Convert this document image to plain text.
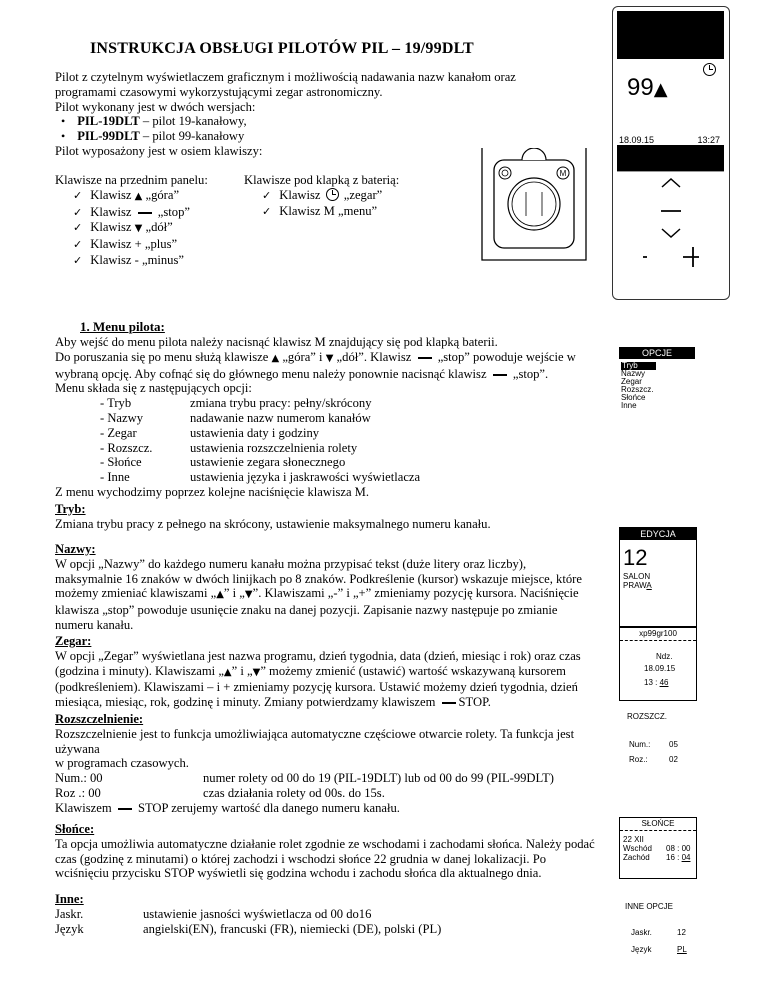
INSTRUKCJA OBSŁUGI PILOTÓW PIL – 19/99DLT
Pilot z czytelnym wyświetlaczem graficznym i możliwością nadawania nazw kanałom oraz
programami czasowymi wykorzystującymi zegar astronomiczny.
Pilot wykonany jest w dwóch wersjach:
• PIL-19DLT – pilot 19-kanałowy,
• PIL-99DLT – pilot 99-kanałowy
Pilot wyposażony jest w osiem klawiszy:
Klawisze na przednim panelu:
✓ Klawisz ▲ „góra”
✓ Klawisz  „stop”
✓ Klawisz ▼ „dół”
✓ Klawisz + „plus”
✓ Klawisz - „minus”
Klawisze pod klapką z baterią:
✓ Klawisz  „zegar”
✓ Klawisz M „menu”
M
99▲
18.09.15	13:27
1. Menu pilota:
Aby wejść do menu pilota należy nacisnąć klawisz M znajdujący się pod klapką baterii.
Do poruszania się po menu służą klawisze ▲ „góra” i ▼ „dół”. Klawisz  „stop” powoduje wejście w
wybraną opcję. Aby cofnąć się do głównego menu należy ponownie nacisnąć klawisz  „stop”.
Menu składa się z następujących opcji:
- Tryb	zmiana trybu pracy: pełny/skrócony
- Nazwy	nadawanie nazw numerom kanałów
- Zegar	ustawienia daty i godziny
- Rozszcz.	ustawienia rozszczelnienia rolety
- Słońce	ustawienie zegara słonecznego
- Inne	ustawienia języka i jaskrawości wyświetlacza
Z menu wychodzimy poprzez kolejne naciśnięcie klawisza M.
Tryb:
Zmiana trybu pracy z pełnego na skrócony, ustawienie maksymalnego numeru kanału.
Nazwy:
W opcji „Nazwy” do każdego numeru kanału można przypisać tekst (duże litery oraz liczby),
maksymalnie 16 znaków w dwóch linijkach po 8 znaków. Podkreślenie (kursor) wskazuje miejsce, które
możemy zmieniać klawiszami „▲” i „▼”. Klawiszami „-” i „+” zmieniamy pozycję kursora. Naciśnięcie
klawisza „stop” powoduje usunięcie znaku na danej pozycji. Zapisanie nazwy następuje po zmianie
numeru kanału.
Zegar:
W opcji „Zegar” wyświetlana jest nazwa programu, dzień tygodnia, data (dzień, miesiąc i rok) oraz czas
(godzina i minuty). Klawiszami „▲” i „▼” możemy zmienić (ustawić) wartość wskazywaną kursorem
(podkreśleniem). Klawiszami – i + zmieniamy pozycję kursora. Ustawić możemy dzień tygodnia, dzień
miesiąca, miesiąc, rok, godzinę i minuty. Zmiany potwierdzamy klawiszem STOP.
Rozszczelnienie:
Rozszczelnienie jest to funkcja umożliwiająca automatyczne częściowe otwarcie rolety. Ta funkcja jest
używana
w programach czasowych.
Num.: 00	numer rolety od 00 do 19 (PIL-19DLT) lub od 00 do 99 (PIL-99DLT)
Roz .: 00	czas działania rolety od 00s. do 15s.
Klawiszem  STOP zerujemy wartość dla danego numeru kanału.
Słońce:
Ta opcja umożliwia automatyczne działanie rolet zgodnie ze wschodami i zachodami słońca. Należy podać
czas (godzinę z minutami) o której zachodzi i wschodzi słońce 22 grudnia w danej lokalizacji. Po
wciśnięciu przycisku STOP wyświetli się godzina wchodu i zachodu słońca dla aktualnego dnia.
Inne:
Jaskr.	ustawienie jasności wyświetlacza od 00 do16
Język	angielski(EN), francuski (FR), niemiecki (DE), polski (PL)
OPCJE
Tryb
Nazwy
Zegar
Rozszcz.
Słońce
Inne
EDYCJA
12
SALON
PRAWA
xp99gr100
Ndz.
18.09.15
13 : 46
ROZSZCZ.
Num.: 05
Roz.:	02
SŁOŃCE
22 XII
Wschód 08 : 00
Zachód 16 : 04
INNE OPCJE
Jaskr.	12
Język	PL
